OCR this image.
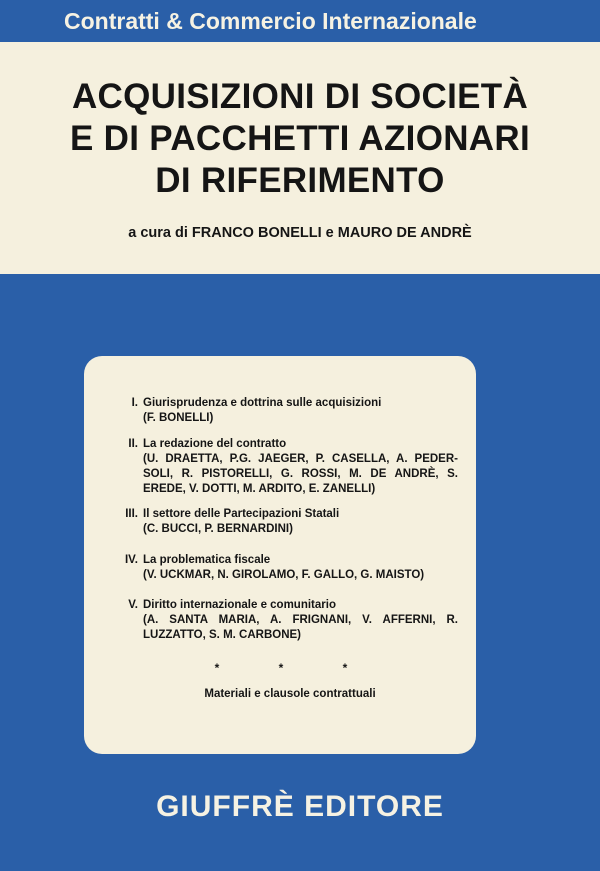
Contratti & Commercio Internazionale
ACQUISIZIONI DI SOCIETÀ
E DI PACCHETTI AZIONARI
DI RIFERIMENTO
a cura di FRANCO BONELLI e MAURO DE ANDRÈ
I. Giurisprudenza e dottrina sulle acquisizioni
(F. BONELLI)
II. La redazione del contratto
(U. DRAETTA, P.G. JAEGER, P. CASELLA, A. PEDER-SOLI, R. PISTORELLI, G. ROSSI, M. DE ANDRÈ, S. EREDE, V. DOTTI, M. ARDITO, E. ZANELLI)
III. Il settore delle Partecipazioni Statali
(C. BUCCI, P. BERNARDINI)
IV. La problematica fiscale
(V. UCKMAR, N. GIROLAMO, F. GALLO, G. MAISTO)
V. Diritto internazionale e comunitario
(A. SANTA MARIA, A. FRIGNANI, V. AFFERNI, R. LUZZATTO, S. M. CARBONE)
* * *
Materiali e clausole contrattuali
GIUFFRÈ EDITORE
